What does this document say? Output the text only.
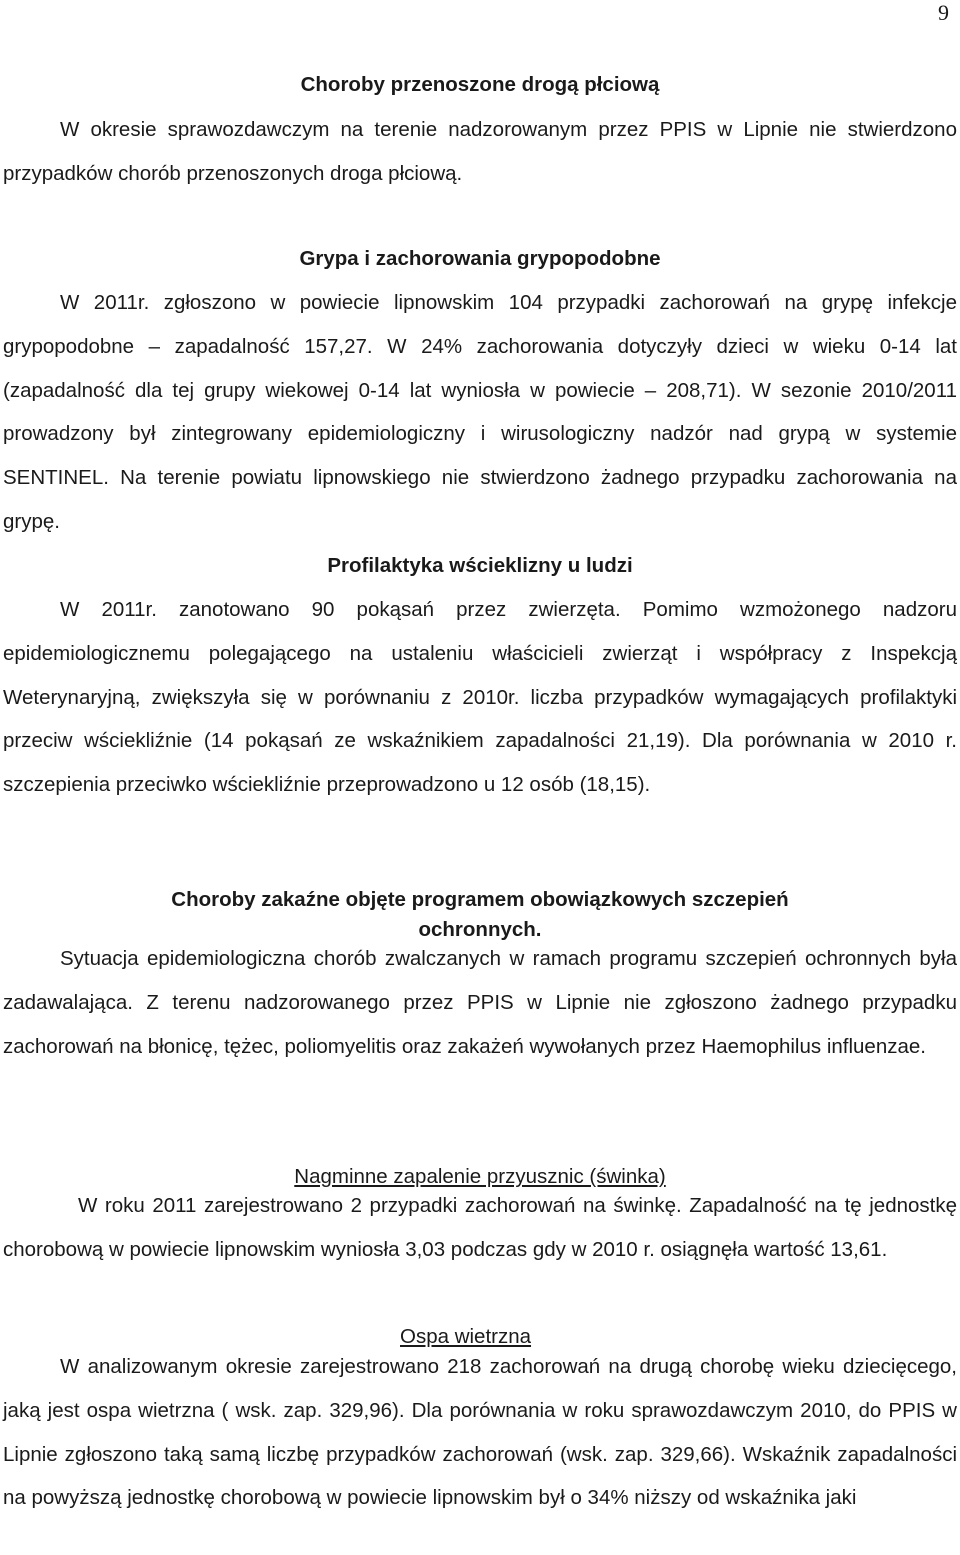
9
Choroby przenoszone drogą płciową

W okresie sprawozdawczym na terenie nadzorowanym przez PPIS w Lipnie nie stwierdzono przypadków chorób przenoszonych droga płciową.

Grypa i zachorowania grypopodobne

W 2011r. zgłoszono w powiecie lipnowskim 104 przypadki zachorowań na grypę infekcje grypopodobne – zapadalność 157,27. W 24% zachorowania dotyczyły dzieci w wieku 0-14 lat (zapadalność dla tej grupy wiekowej 0-14 lat wyniosła w powiecie – 208,71). W sezonie 2010/2011 prowadzony był zintegrowany epidemiologiczny i wirusologiczny nadzór nad grypą w systemie SENTINEL. Na terenie powiatu lipnowskiego nie stwierdzono żadnego przypadku zachorowania na grypę.

Profilaktyka wścieklizny u ludzi

W 2011r. zanotowano 90 pokąsań przez zwierzęta. Pomimo wzmożonego nadzoru epidemiologicznemu polegającego na ustaleniu właścicieli zwierząt i współpracy z Inspekcją Weterynaryjną, zwiększyła się w porównaniu z 2010r. liczba przypadków wymagających profilaktyki przeciw wściekliźnie (14 pokąsań ze wskaźnikiem zapadalności 21,19). Dla porównania w 2010 r. szczepienia przeciwko wściekliźnie przeprowadzono u 12 osób (18,15).

Choroby zakaźne objęte programem obowiązkowych szczepień ochronnych.

Sytuacja epidemiologiczna chorób zwalczanych w ramach programu szczepień ochronnych była zadawalająca. Z terenu nadzorowanego przez PPIS w Lipnie nie zgłoszono żadnego przypadku zachorowań na błonicę, tężec, poliomyelitis oraz zakażeń wywołanych przez Haemophilus influenzae.

Nagminne zapalenie przyusznic (świnka)

W roku 2011 zarejestrowano 2 przypadki zachorowań na świnkę. Zapadalność na tę jednostkę chorobową w powiecie lipnowskim wyniosła 3,03 podczas gdy w 2010 r. osiągnęła wartość 13,61.

Ospa wietrzna

W analizowanym okresie zarejestrowano 218 zachorowań na drugą chorobę wieku dziecięcego, jaką jest ospa wietrzna ( wsk. zap. 329,96). Dla porównania w roku sprawozdawczym 2010, do PPIS w Lipnie zgłoszono taką samą liczbę przypadków zachorowań (wsk. zap. 329,66). Wskaźnik zapadalności na powyższą jednostkę chorobową w powiecie lipnowskim był o 34% niższy od wskaźnika jaki
